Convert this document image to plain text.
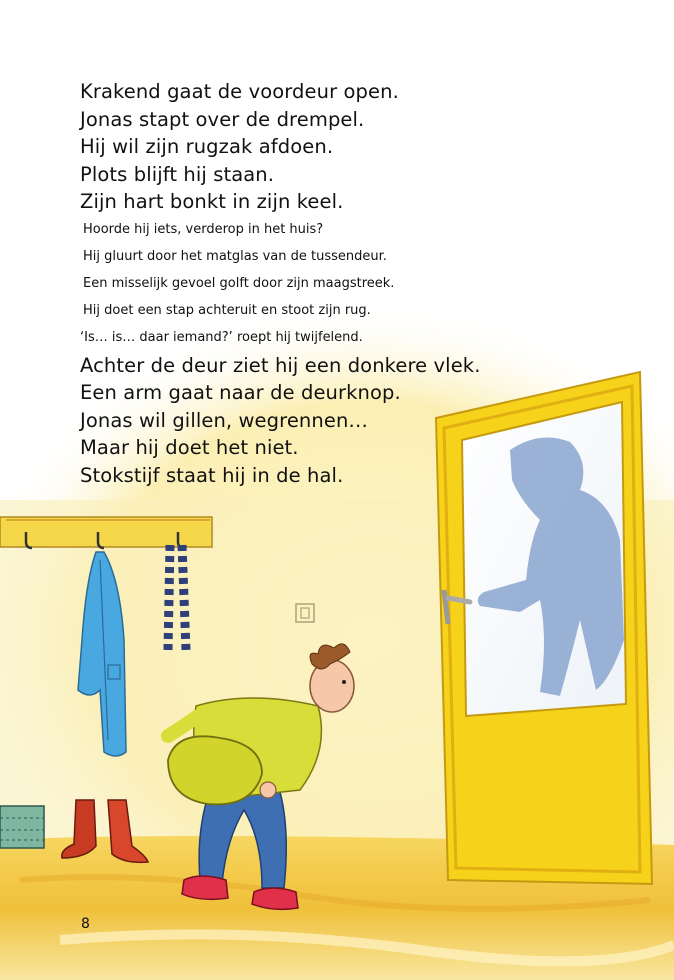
Krakend gaat de voordeur open.
Jonas stapt over de drempel.
Hij wil zijn rugzak afdoen.
Plots blijft hij staan.
Zijn hart bonkt in zijn keel.
Hoorde hij iets, verderop in het huis?
Hij gluurt door het matglas van de tussendeur.
Een misselijk gevoel golft door zijn maagstreek.
Hij doet een stap achteruit en stoot zijn rug.
‘Is… is… daar iemand?’ roept hij twijfelend.
Achter de deur ziet hij een donkere vlek.
Een arm gaat naar de deurknop.
Jonas wil gillen, wegrennen…
Maar hij doet het niet.
Stokstijf staat hij in de hal.
8
